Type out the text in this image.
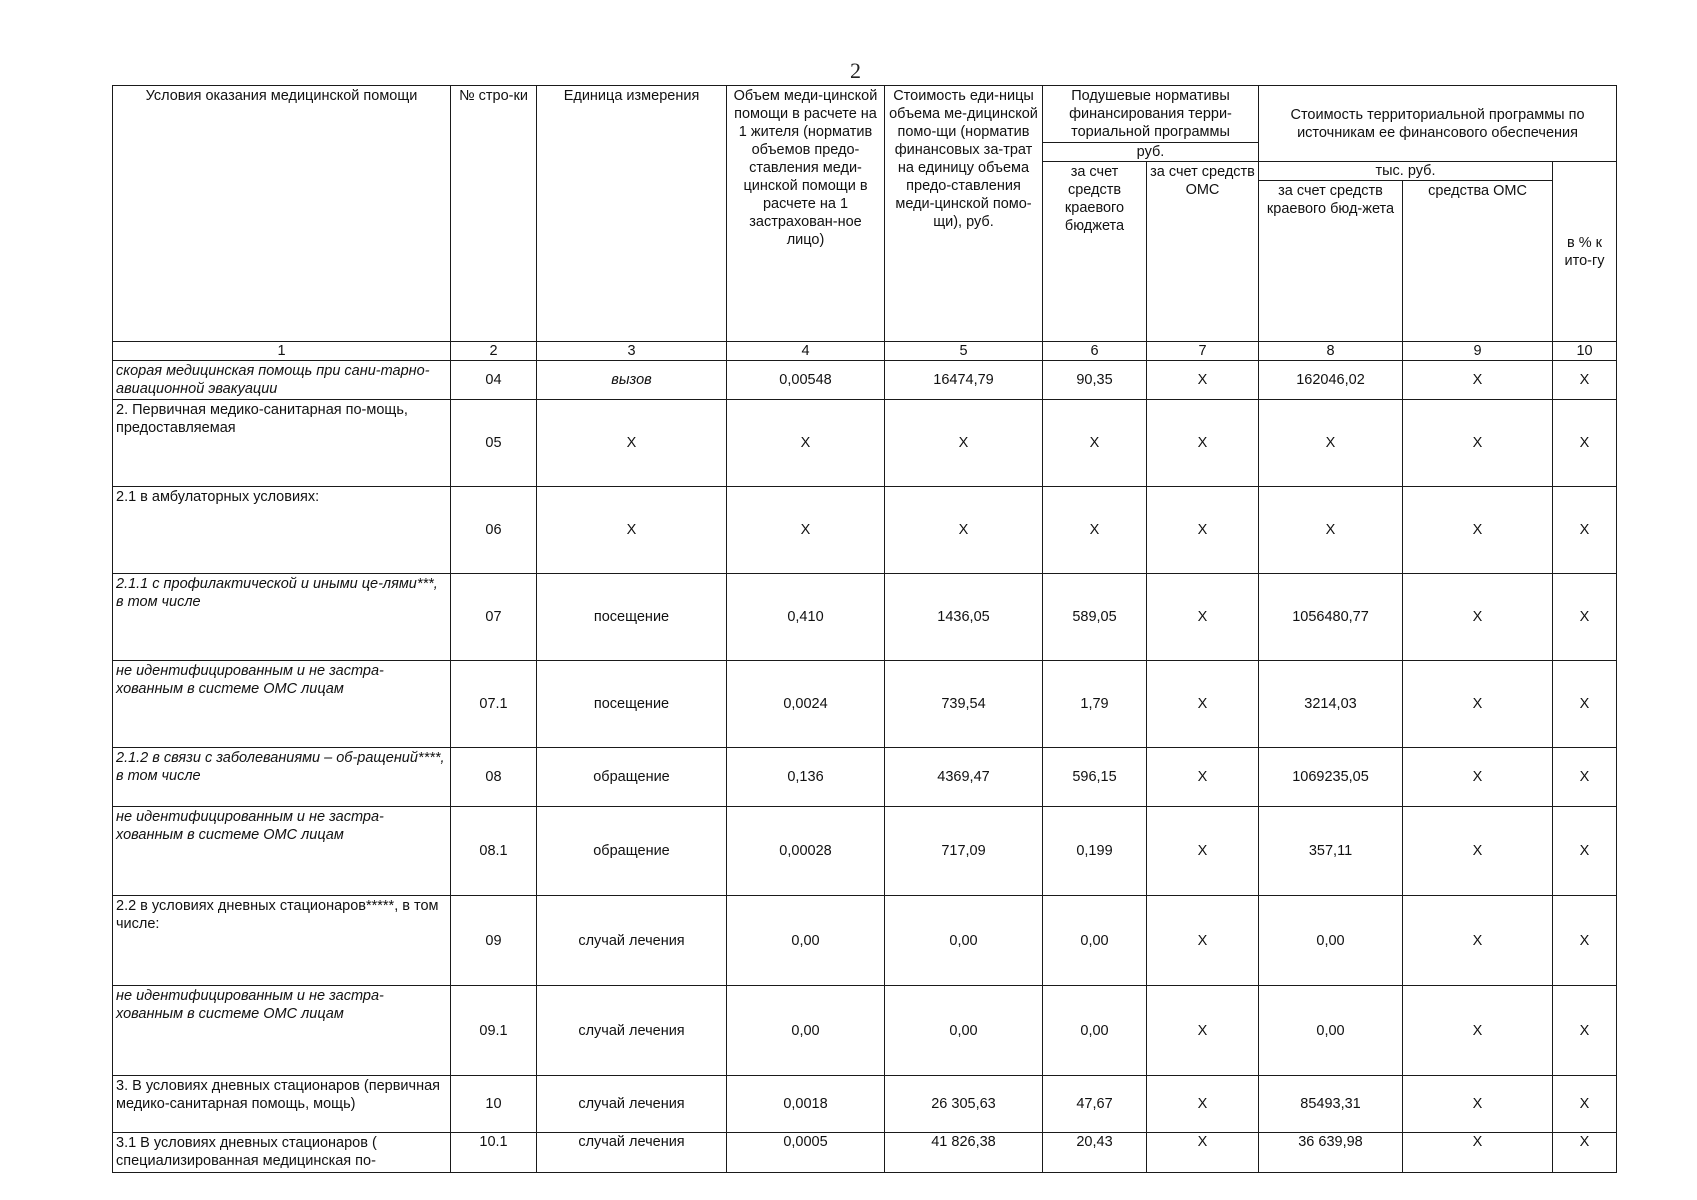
2
Условия оказания медицинской помощи	№ стро-ки	Единица измерения	Объем меди-цинской помощи в расчете на 1 жителя (норматив объемов предо-ставления меди-цинской помощи в расчете на 1 застрахован-ное лицо)	Стоимость еди-ницы объема ме-дицинской помо-щи (норматив финансовых за-трат на единицу объема предо-ставления меди-цинской помо-щи), руб.	Подушевые нормативы финансирования терри-ториальной программы		Стоимость территориальной программы по источникам ее финансового обеспечения		
					руб.				
					за счет средств краевого бюджета	за счет средств ОМС	тыс. руб.		в % к ито-гу
							за счет средств краевого бюд-жета	средства ОМС	
1	2	3	4	5	6	7	8	9	10
скорая медицинская помощь при сани-тарно-авиационной эвакуации	04	вызов	0,00548	16474,79	90,35	Х	162046,02	Х	Х
2. Первичная медико-санитарная по-мощь, предоставляемая	05	Х	Х	Х	Х	Х	Х	Х	Х
2.1 в амбулаторных условиях:	06	Х	Х	Х	Х	Х	Х	Х	Х
2.1.1 с профилактической и иными це-лями***, в том числе	07	посещение	0,410	1436,05	589,05	Х	1056480,77	Х	Х
не идентифицированным и не застра-хованным в системе ОМС лицам	07.1	посещение	0,0024	739,54	1,79	Х	3214,03	Х	Х
2.1.2 в связи с заболеваниями – об-ращений****, в том числе	08	обращение	0,136	4369,47	596,15	Х	1069235,05	Х	Х
не идентифицированным и не застра-хованным в системе ОМС лицам	08.1	обращение	0,00028	717,09	0,199	Х	357,11	Х	Х
2.2 в условиях дневных стационаров*****, в том числе:	09	случай лечения	0,00	0,00	0,00	Х	0,00	Х	Х
не идентифицированным и не застра-хованным в системе ОМС лицам	09.1	случай лечения	0,00	0,00	0,00	Х	0,00	Х	Х
3. В условиях дневных стационаров (первичная медико-санитарная помощь, мощь)	10	случай лечения	0,0018	26 305,63	47,67	Х	85493,31	Х	Х
3.1 В условиях дневных стационаров ( специализированная медицинская по-	10.1	случай лечения	0,0005	41 826,38	20,43	Х	36 639,98	Х	Х
